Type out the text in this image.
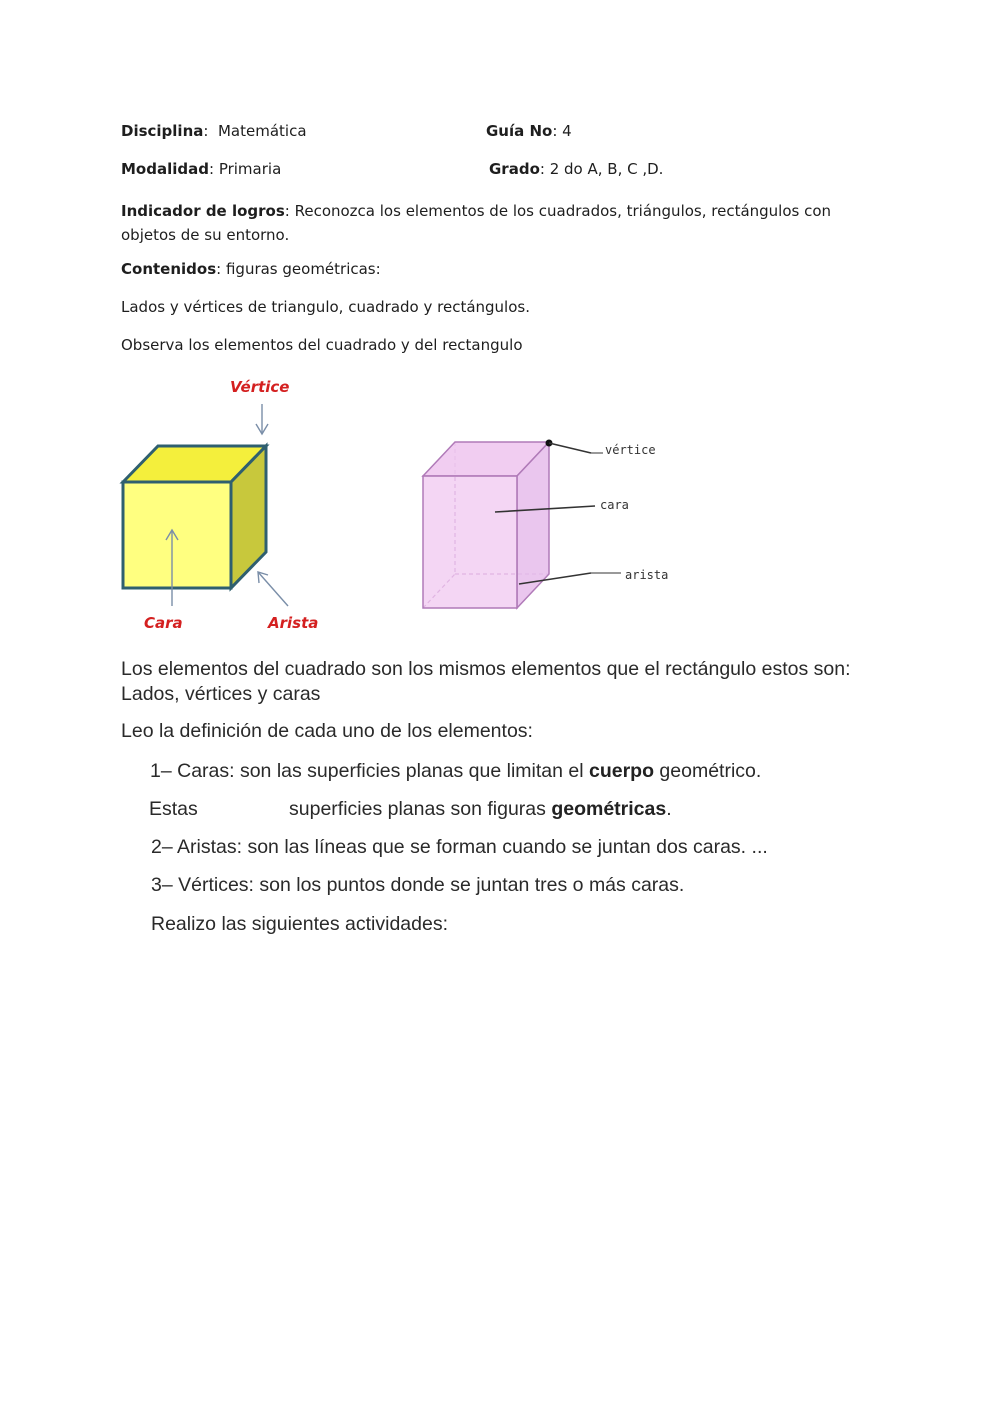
Disciplina:  Matemática	Guía No: 4
Modalidad: Primaria	Grado: 2 do A, B, C ,D.
Indicador de logros: Reconozca los elementos de los cuadrados, triángulos, rectángulos con objetos de su entorno.
Contenidos: figuras geométricas:
Lados y vértices de triangulo, cuadrado y rectángulos.
Observa los elementos del cuadrado y del rectangulo
Vértice
Cara	Arista
vértice
cara
arista
Los elementos del cuadrado son los mismos elementos que el rectángulo estos son: Lados, vértices y caras
Leo la definición de cada uno de los elementos:
1– Caras: son las superficies planas que limitan el cuerpo geométrico.
Estas	superficies planas son figuras geométricas.
2– Aristas: son las líneas que se forman cuando se juntan dos caras. ...
3– Vértices: son los puntos donde se juntan tres o más caras.
Realizo las siguientes actividades:
